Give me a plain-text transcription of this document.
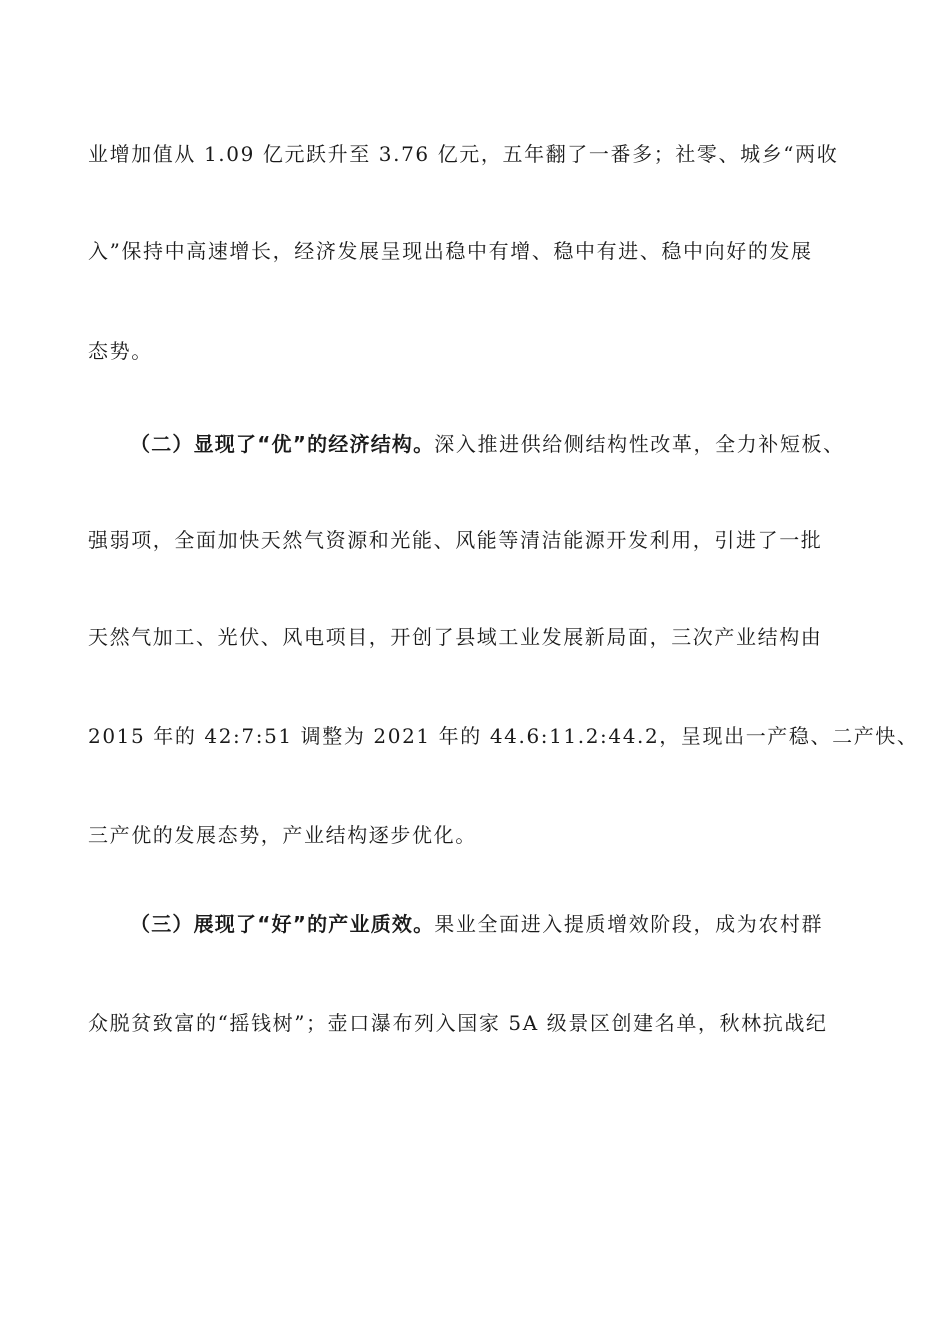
业增加值从 1.09 亿元跃升至 3.76 亿元，五年翻了一番多；社零、城乡“两收
入”保持中高速增长，经济发展呈现出稳中有增、稳中有进、稳中向好的发展
态势。
（二）显现了“优”的经济结构。深入推进供给侧结构性改革，全力补短板、
强弱项，全面加快天然气资源和光能、风能等清洁能源开发利用，引进了一批
天然气加工、光伏、风电项目，开创了县域工业发展新局面，三次产业结构由
2015 年的 42:7:51 调整为 2021 年的 44.6:11.2:44.2，呈现出一产稳、二产快、
三产优的发展态势，产业结构逐步优化。
（三）展现了“好”的产业质效。果业全面进入提质增效阶段，成为农村群
众脱贫致富的“摇钱树”；壶口瀑布列入国家 5A 级景区创建名单，秋林抗战纪
